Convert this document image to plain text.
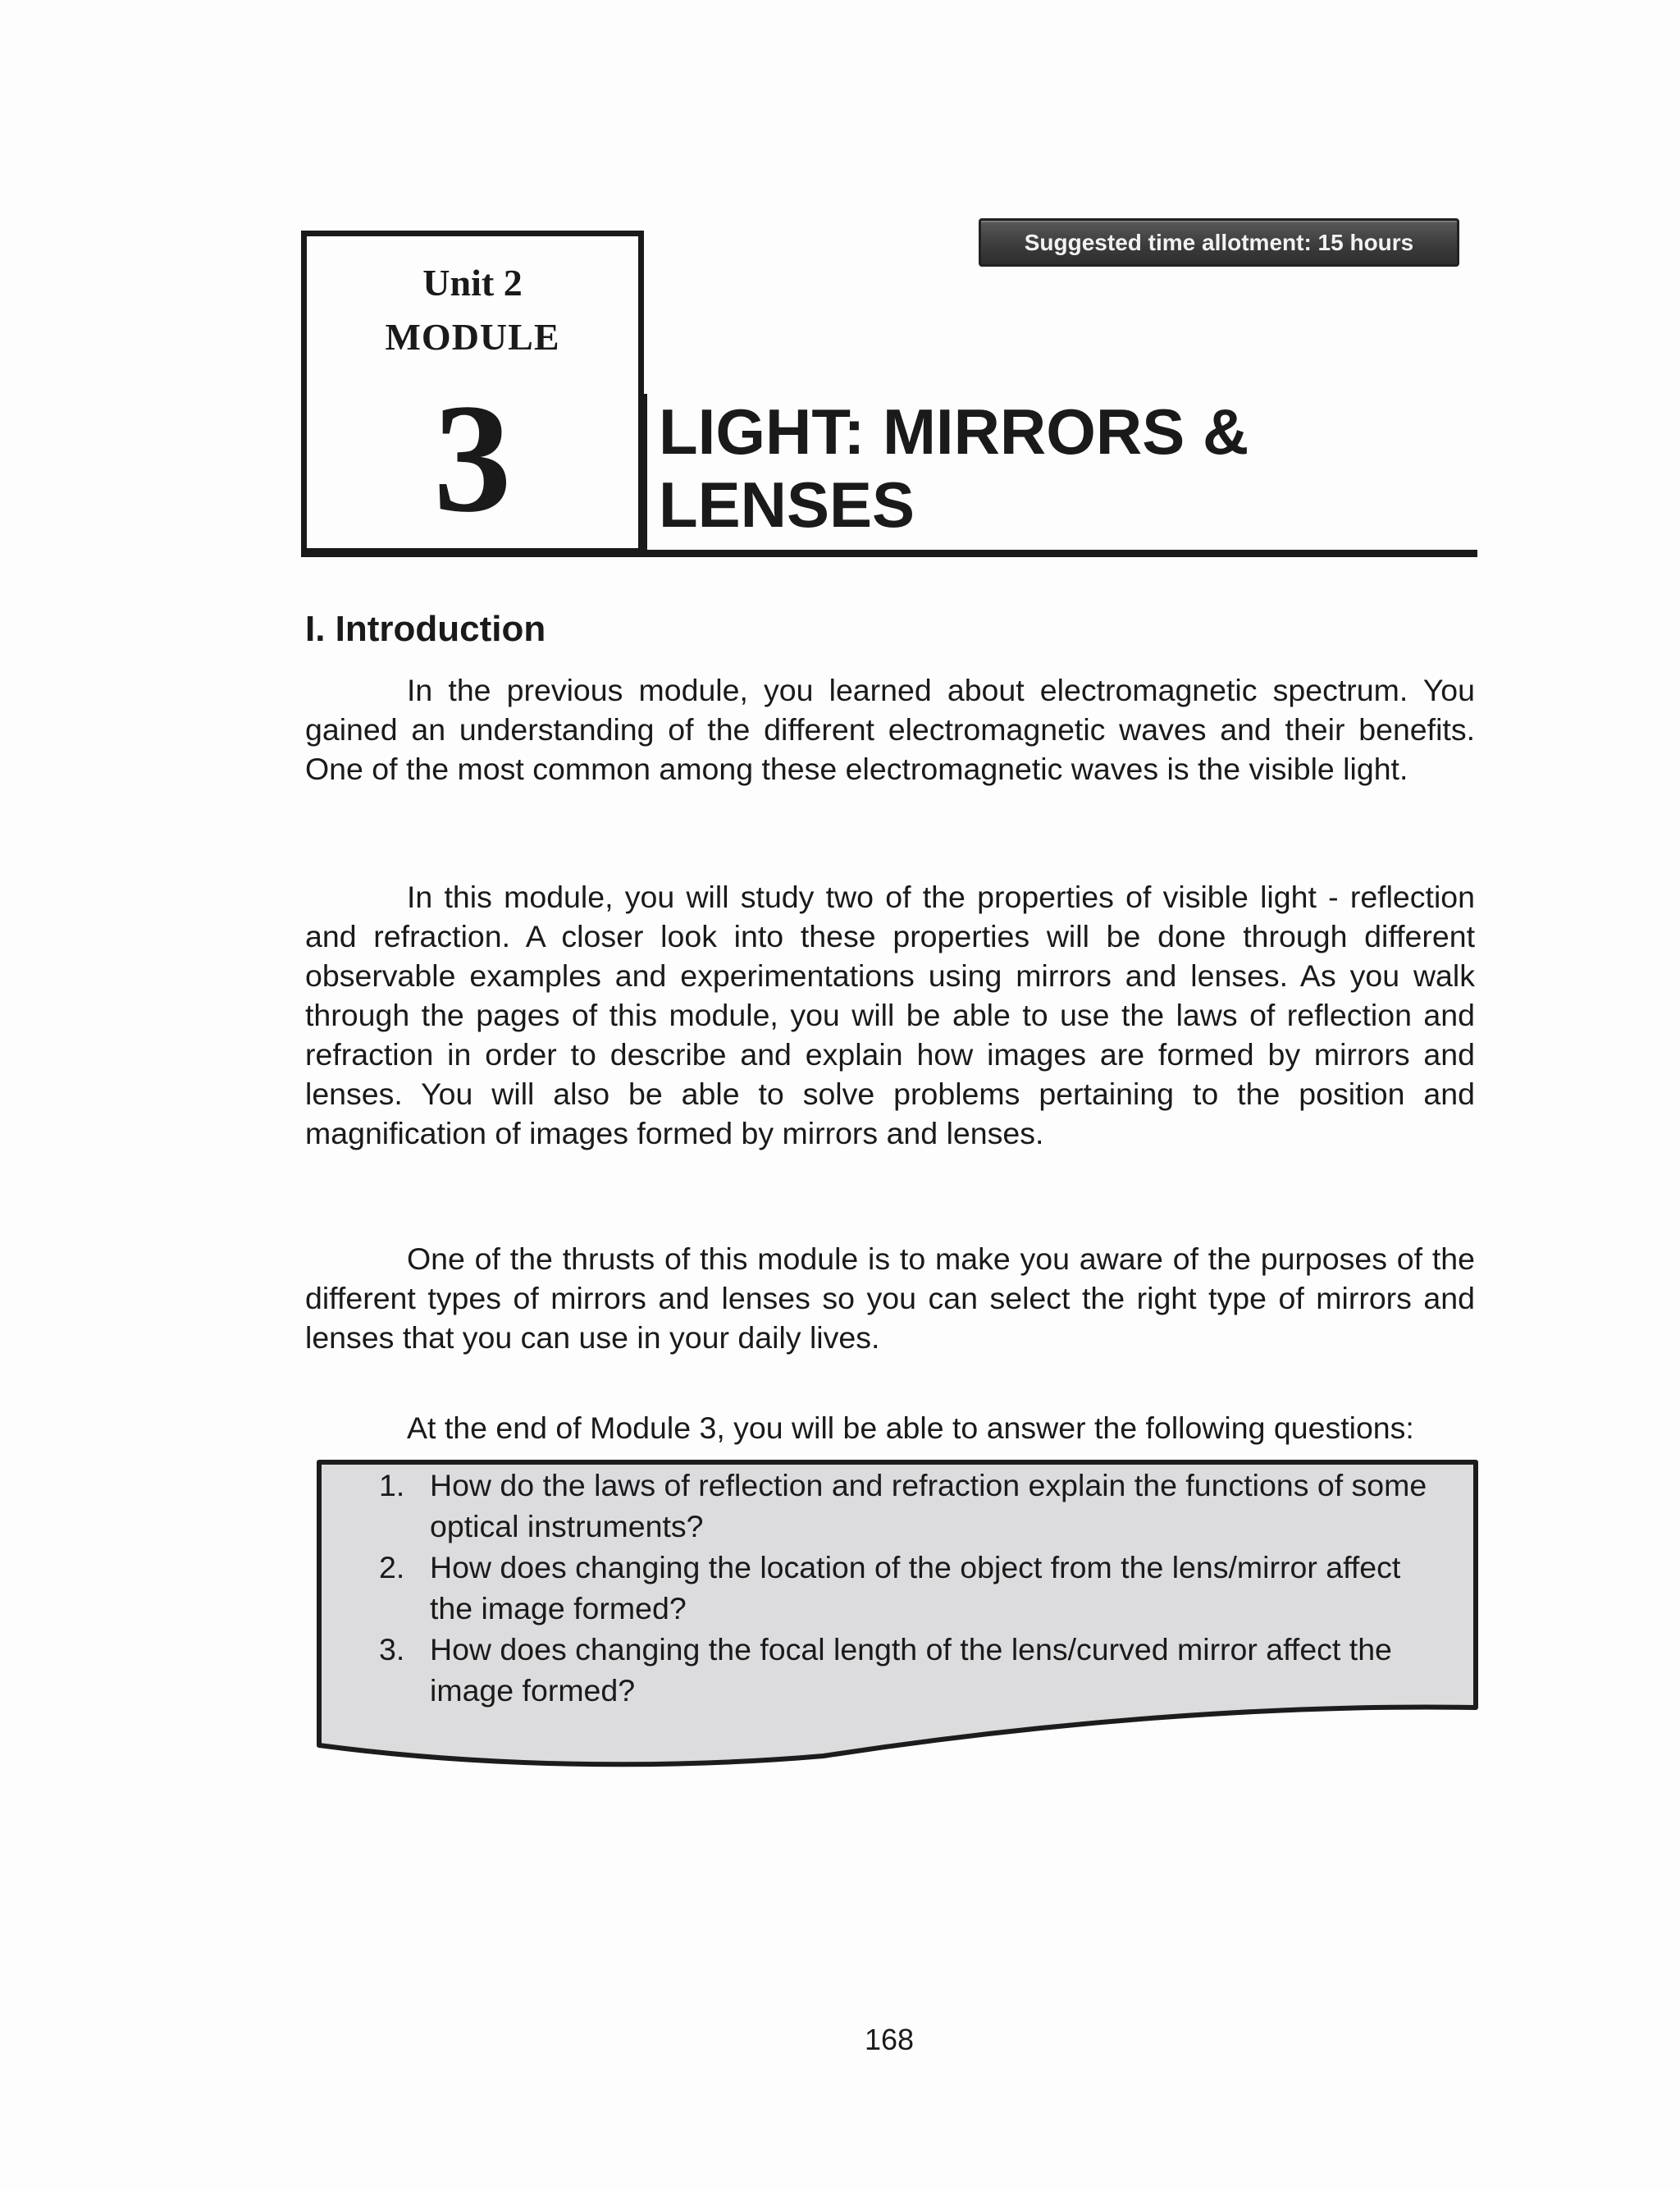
Unit 2
MODULE
3
Suggested time allotment: 15 hours
LIGHT: MIRRORS &
LENSES
I. Introduction

In the previous module, you learned about electromagnetic spectrum. You gained an understanding of the different electromagnetic waves and their benefits. One of the most common among these electromagnetic waves is the visible light.

In this module, you will study two of the properties of visible light - reflection and refraction. A closer look into these properties will be done through different observable examples and experimentations using mirrors and lenses. As you walk through the pages of this module, you will be able to use the laws of reflection and refraction in order to describe and explain how images are formed by mirrors and lenses. You will also be able to solve problems pertaining to the position and magnification of images formed by mirrors and lenses.

One of the thrusts of this module is to make you aware of the purposes of the different types of mirrors and lenses so you can select the right type of mirrors and lenses that you can use in your daily lives.

At the end of Module 3, you will be able to answer the following questions:

1. How do the laws of reflection and refraction explain the functions of some optical instruments?
2. How does changing the location of the object from the lens/mirror affect the image formed?
3. How does changing the focal length of the lens/curved mirror affect the image formed?
168
